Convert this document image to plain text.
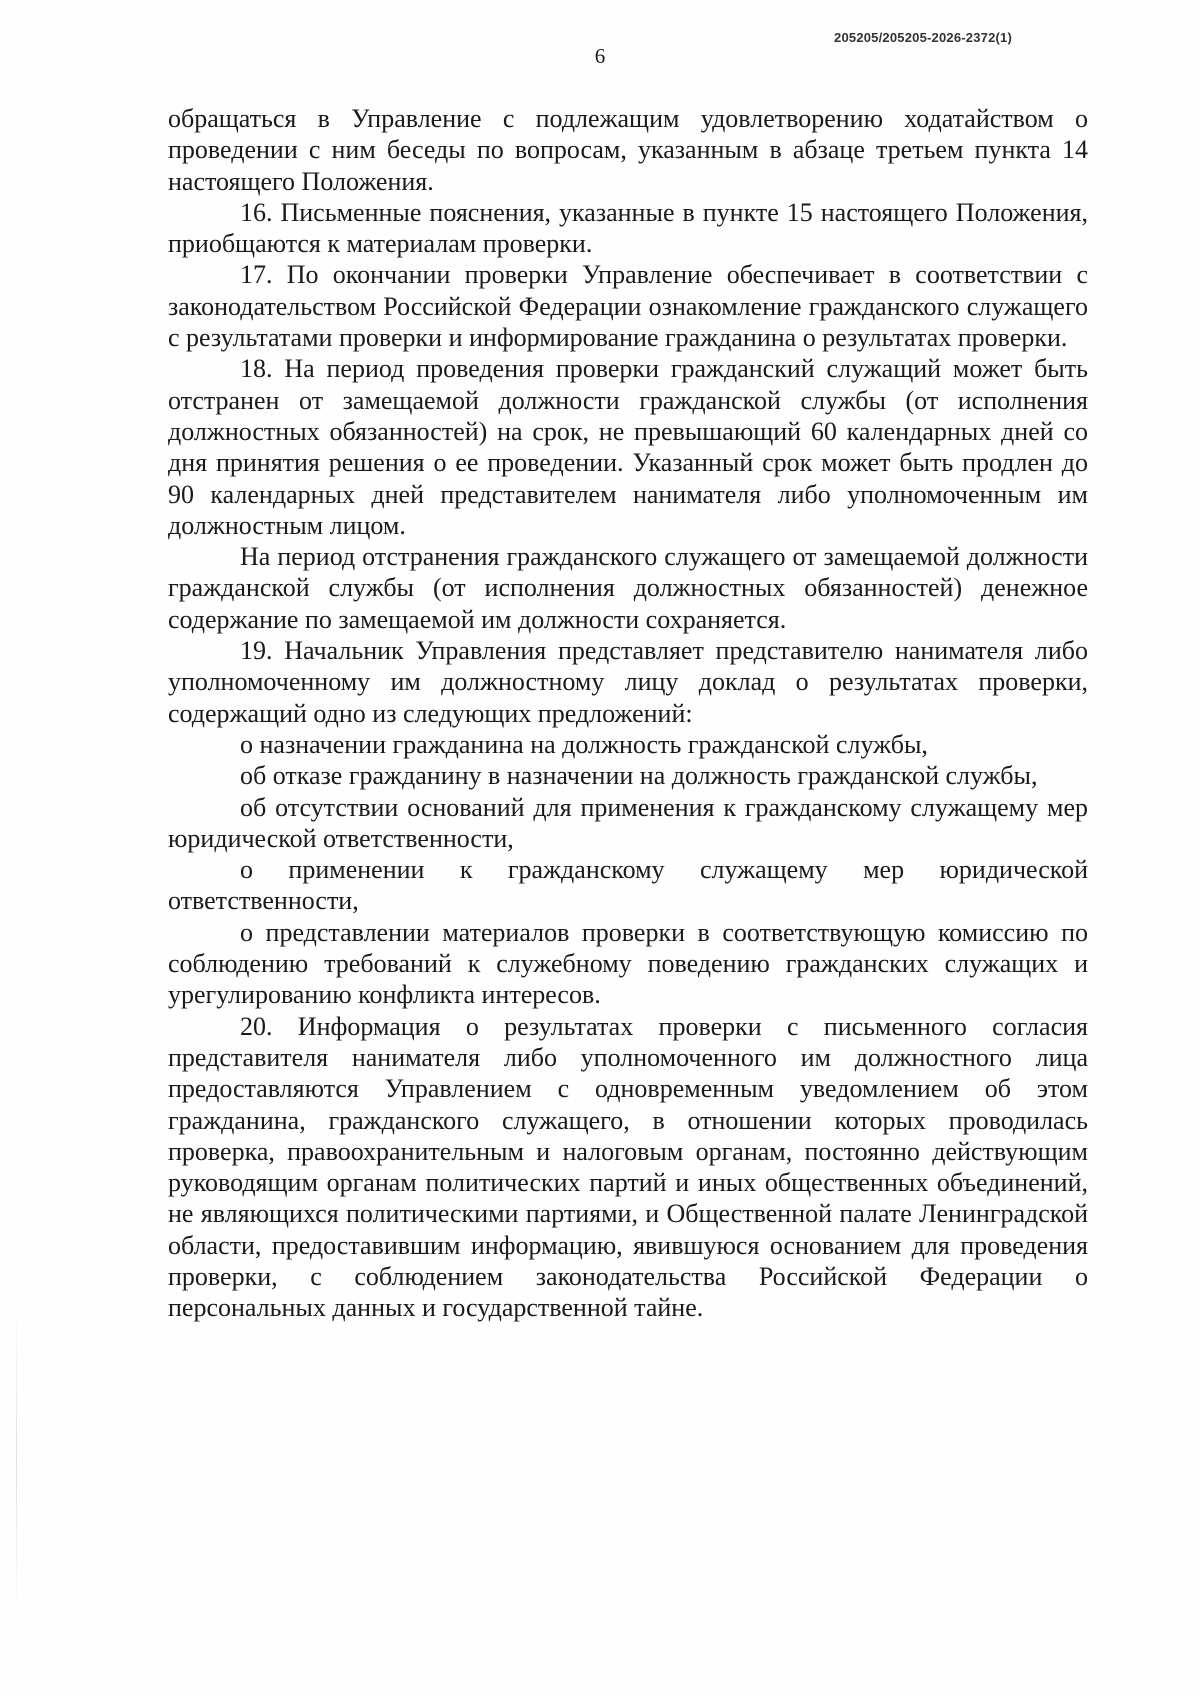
205205/205205-2026-2372(1)
6

обращаться в Управление с подлежащим удовлетворению ходатайством о проведении с ним беседы по вопросам, указанным в абзаце третьем пункта 14 настоящего Положения.

16. Письменные пояснения, указанные в пункте 15 настоящего Положения, приобщаются к материалам проверки.

17. По окончании проверки Управление обеспечивает в соответствии с законодательством Российской Федерации ознакомление гражданского служащего с результатами проверки и информирование гражданина о результатах проверки.

18. На период проведения проверки гражданский служащий может быть отстранен от замещаемой должности гражданской службы (от исполнения должностных обязанностей) на срок, не превышающий 60 календарных дней со дня принятия решения о ее проведении. Указанный срок может быть продлен до 90 календарных дней представителем нанимателя либо уполномоченным им должностным лицом.

На период отстранения гражданского служащего от замещаемой должности гражданской службы (от исполнения должностных обязанностей) денежное содержание по замещаемой им должности сохраняется.

19. Начальник Управления представляет представителю нанимателя либо уполномоченному им должностному лицу доклад о результатах проверки, содержащий одно из следующих предложений:

о назначении гражданина на должность гражданской службы,

об отказе гражданину в назначении на должность гражданской службы,

об отсутствии оснований для применения к гражданскому служащему мер юридической ответственности,

о применении к гражданскому служащему мер юридической ответственности,

о представлении материалов проверки в соответствующую комиссию по соблюдению требований к служебному поведению гражданских служащих и урегулированию конфликта интересов.

20. Информация о результатах проверки с письменного согласия представителя нанимателя либо уполномоченного им должностного лица предоставляются Управлением с одновременным уведомлением об этом гражданина, гражданского служащего, в отношении которых проводилась проверка, правоохранительным и налоговым органам, постоянно действующим руководящим органам политических партий и иных общественных объединений, не являющихся политическими партиями, и Общественной палате Ленинградской области, предоставившим информацию, явившуюся основанием для проведения проверки, с соблюдением законодательства Российской Федерации о персональных данных и государственной тайне.
